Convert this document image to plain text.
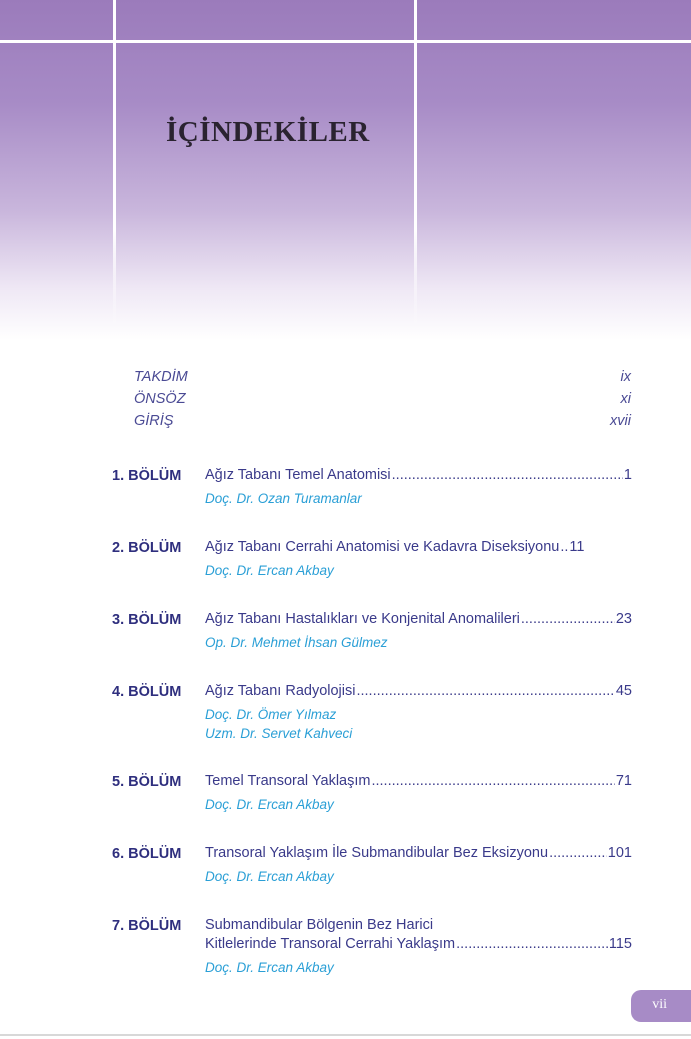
İÇİNDEKİLER
TAKDİM	ix
ÖNSÖZ	xi
GİRİŞ	xvii
1. BÖLÜM Ağız Tabanı Temel Anatomisi .....	1
Doç. Dr. Ozan Turamanlar
2. BÖLÜM Ağız Tabanı Cerrahi Anatomisi ve Kadavra Diseksiyonu ..... 11
Doç. Dr. Ercan Akbay
3. BÖLÜM Ağız Tabanı Hastalıkları ve Konjenital Anomalileri .....	23
Op. Dr. Mehmet İhsan Gülmez
4. BÖLÜM Ağız Tabanı Radyolojisi .....	45
Doç. Dr. Ömer Yılmaz
Uzm. Dr. Servet Kahveci
5. BÖLÜM Temel Transoral Yaklaşım .....	71
Doç. Dr. Ercan Akbay
6. BÖLÜM Transoral Yaklaşım İle Submandibular Bez Eksizyonu .....	101
Doç. Dr. Ercan Akbay
7. BÖLÜM Submandibular Bölgenin Bez Harici
Kitlelerinde Transoral Cerrahi Yaklaşım .....	115
Doç. Dr. Ercan Akbay
vii
